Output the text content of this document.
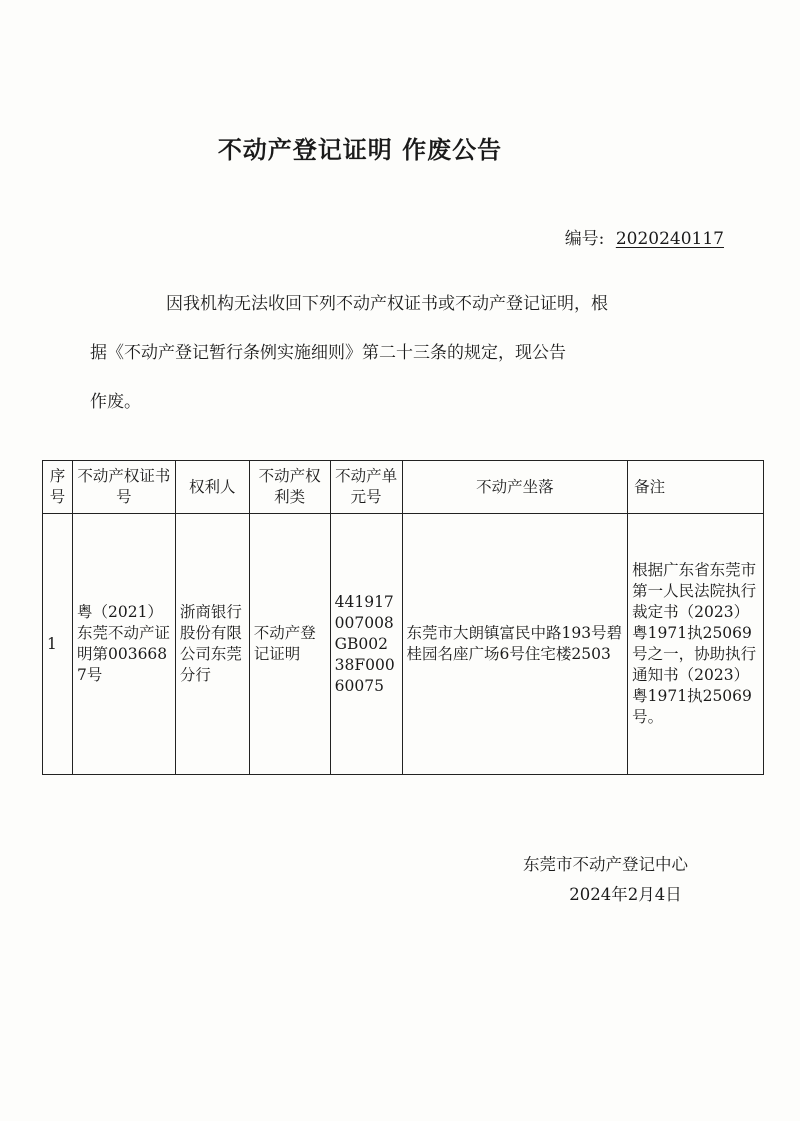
不动产登记证明 作废公告
编号: 2020240117
因我机构无法收回下列不动产权证书或不动产登记证明，根
据《不动产登记暂行条例实施细则》第二十三条的规定，现公告
作废。
序号	不动产权证书号	权利人	不动产权利类	不动产单元号	不动产坐落	备注
1	粤（2021）东莞不动产证明第0036687号	浙商银行股份有限公司东莞分行	不动产登记证明	441917007008GB00238F00060075	东莞市大朗镇富民中路193号碧桂园名座广场6号住宅楼2503	根据广东省东莞市第一人民法院执行裁定书（2023）粤1971执25069号之一，协助执行通知书（2023）粤1971执25069号。
东莞市不动产登记中心
2024年2月4日
